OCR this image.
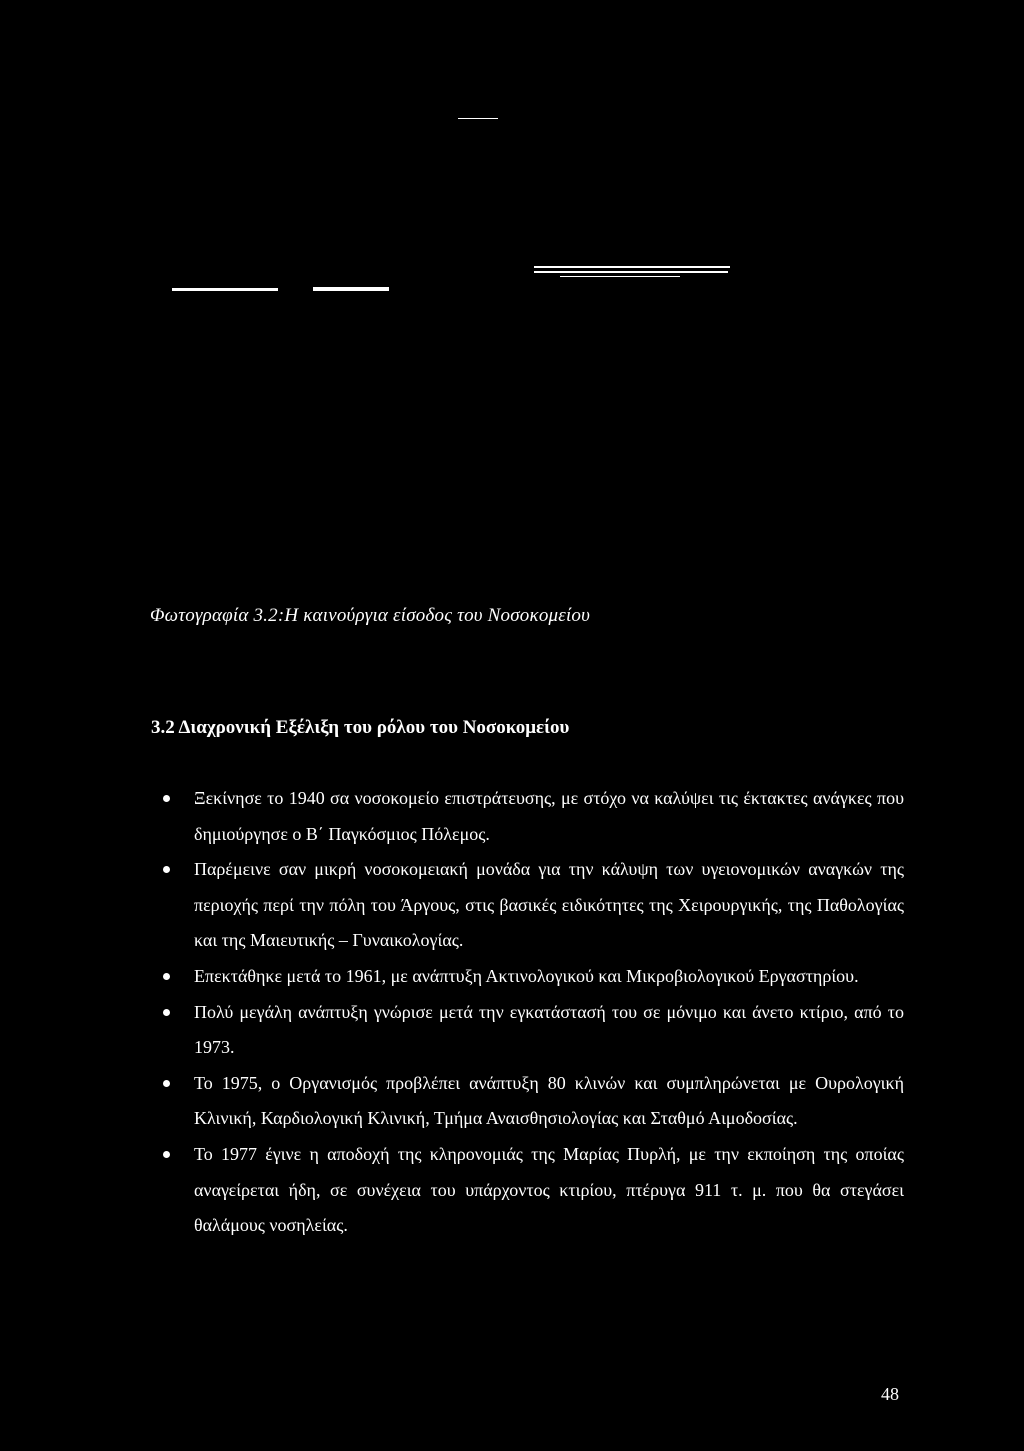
Φωτογραφία 3.2:Η καινούργια είσοδος του Νοσοκομείου
3.2 Διαχρονική Εξέλιξη του ρόλου του Νοσοκομείου
Ξεκίνησε το 1940 σα νοσοκομείο επιστράτευσης, με στόχο να καλύψει τις έκτακτες ανάγκες που δημιούργησε ο Β΄ Παγκόσμιος Πόλεμος.
Παρέμεινε σαν μικρή νοσοκομειακή μονάδα για την κάλυψη των υγειονομικών αναγκών της περιοχής περί την πόλη του Άργους, στις βασικές ειδικότητες της Χειρουργικής, της Παθολογίας και της Μαιευτικής – Γυναικολογίας.
Επεκτάθηκε μετά το 1961, με ανάπτυξη Ακτινολογικού και Μικροβιολογικού Εργαστηρίου.
Πολύ μεγάλη ανάπτυξη γνώρισε μετά την εγκατάστασή του σε μόνιμο και άνετο κτίριο, από το 1973.
Το 1975, ο Οργανισμός προβλέπει ανάπτυξη 80 κλινών και συμπληρώνεται με Ουρολογική Κλινική, Καρδιολογική Κλινική, Τμήμα Αναισθησιολογίας και Σταθμό Αιμοδοσίας.
Το 1977 έγινε η αποδοχή της κληρονομιάς της Μαρίας Πυρλή, με την εκποίηση της οποίας αναγείρεται ήδη, σε συνέχεια του υπάρχοντος κτιρίου, πτέρυγα 911 τ. μ. που θα στεγάσει θαλάμους νοσηλείας.
48
